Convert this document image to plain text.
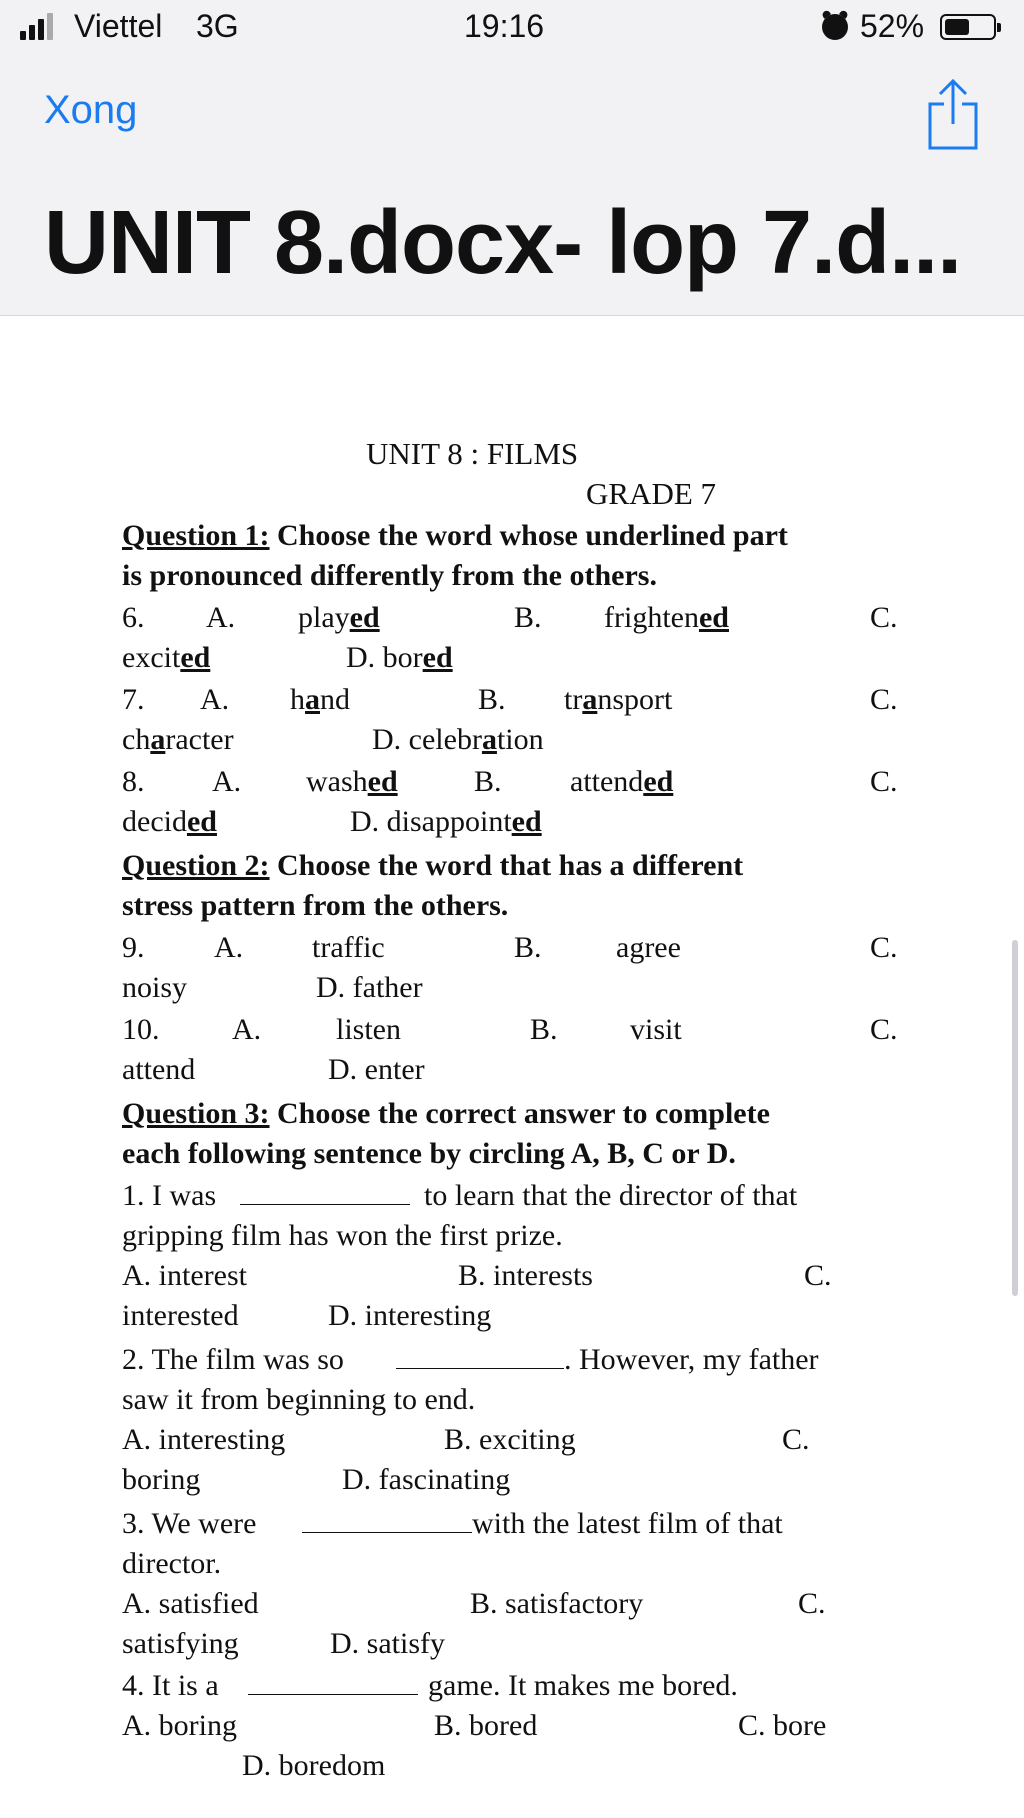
Viettel 3G	19:16	52%
Xong
UNIT 8.docx- lop 7.d...
UNIT 8 : FILMS
GRADE 7
Question 1: Choose the word whose underlined part
is pronounced differently from the others.
6. A. played	B. frightened	C.
excited	D. bored
7. A. hand	B. transport	C.
character	D. celebration
8. A. washed	B. attended	C.
decided	D. disappointed
Question 2: Choose the word that has a different
stress pattern from the others.
9. A. traffic	B. agree	C.
noisy	D. father
10. A. listen	B. visit	C.
attend	D. enter
Question 3: Choose the correct answer to complete
each following sentence by circling A, B, C or D.
1. I was	to learn that the director of that
gripping film has won the first prize.
A. interest	B. interests	C.
interested	D. interesting
2. The film was so	. However, my father
saw it from beginning to end.
A. interesting	B. exciting	C.
boring	D. fascinating
3. We were	with the latest film of that
director.
A. satisfied	B. satisfactory	C.
satisfying	D. satisfy
4. It is a	game. It makes me bored.
A. boring	B. bored	C. bore
D. boredom
